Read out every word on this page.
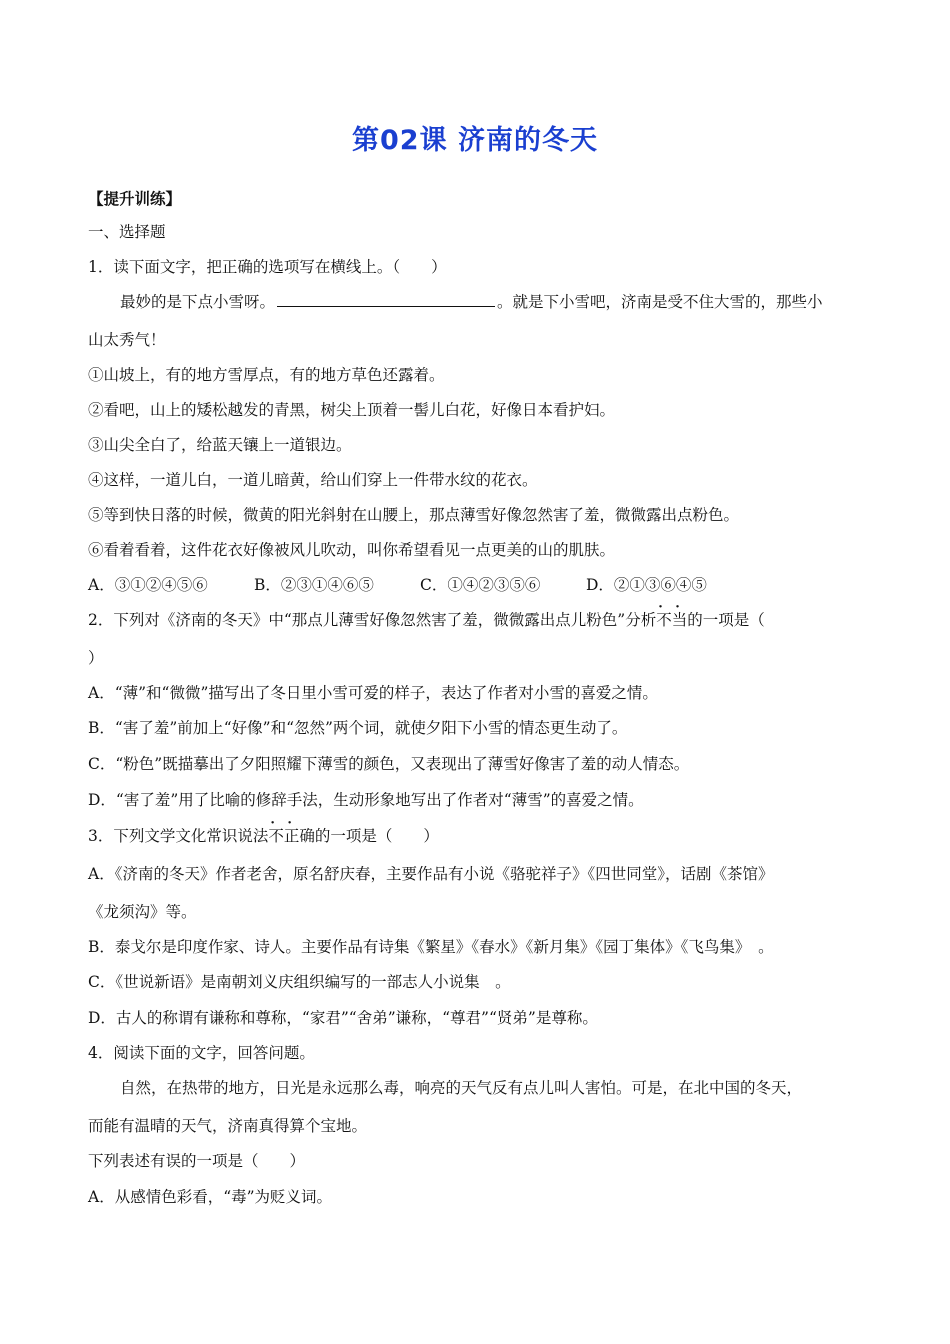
第02课 济南的冬天
【提升训练】
一、选择题
1．读下面文字，把正确的选项写在横线上。（　　）
最妙的是下点小雪呀。	。就是下小雪吧，济南是受不住大雪的，那些小
山太秀气！
①山坡上，有的地方雪厚点，有的地方草色还露着。
②看吧，山上的矮松越发的青黑，树尖上顶着一髻儿白花，好像日本看护妇。
③山尖全白了，给蓝天镶上一道银边。
④这样，一道儿白，一道儿暗黄，给山们穿上一件带水纹的花衣。
⑤等到快日落的时候，微黄的阳光斜射在山腰上，那点薄雪好像忽然害了羞，微微露出点粉色。
⑥看着看着，这件花衣好像被风儿吹动，叫你希望看见一点更美的山的肌肤。
A．③①②④⑤⑥	B．②③①④⑥⑤	C．①④②③⑤⑥	D．②①③⑥④⑤
2．下列对《济南的冬天》中“那点儿薄雪好像忽然害了羞，微微露出点儿粉色”分析· · 不当的一项是（
）
A．“薄”和“微微”描写出了冬日里小雪可爱的样子，表达了作者对小雪的喜爱之情。
B．“害了羞”前加上“好像”和“忽然”两个词，就使夕阳下小雪的情态更生动了。
C．“粉色”既描摹出了夕阳照耀下薄雪的颜色，又表现出了薄雪好像害了羞的动人情态。
D．“害了羞”用了比喻的修辞手法，生动形象地写出了作者对“薄雪”的喜爱之情。
3．下列文学文化常识说法· · 不正确的一项是（　　）
A．《济南的冬天》作者老舍，原名舒庆春，主要作品有小说《骆驼祥子》《四世同堂》，话剧《茶馆》
《龙须沟》等。
B．泰戈尔是印度作家、诗人。主要作品有诗集《繁星》《春水》《新月集》《园丁集体》《飞鸟集》　。
C．《世说新语》是南朝刘义庆组织编写的一部志人小说集　。
D．古人的称谓有谦称和尊称，“家君”“舍弟”谦称，“尊君”“贤弟”是尊称。
4．阅读下面的文字，回答问题。
自然，在热带的地方，日光是永远那么毒，响亮的天气反有点儿叫人害怕。可是，在北中国的冬天，
而能有温晴的天气，济南真得算个宝地。
下列表述有误的一项是（　　）
A．从感情色彩看，“毒”为贬义词。
